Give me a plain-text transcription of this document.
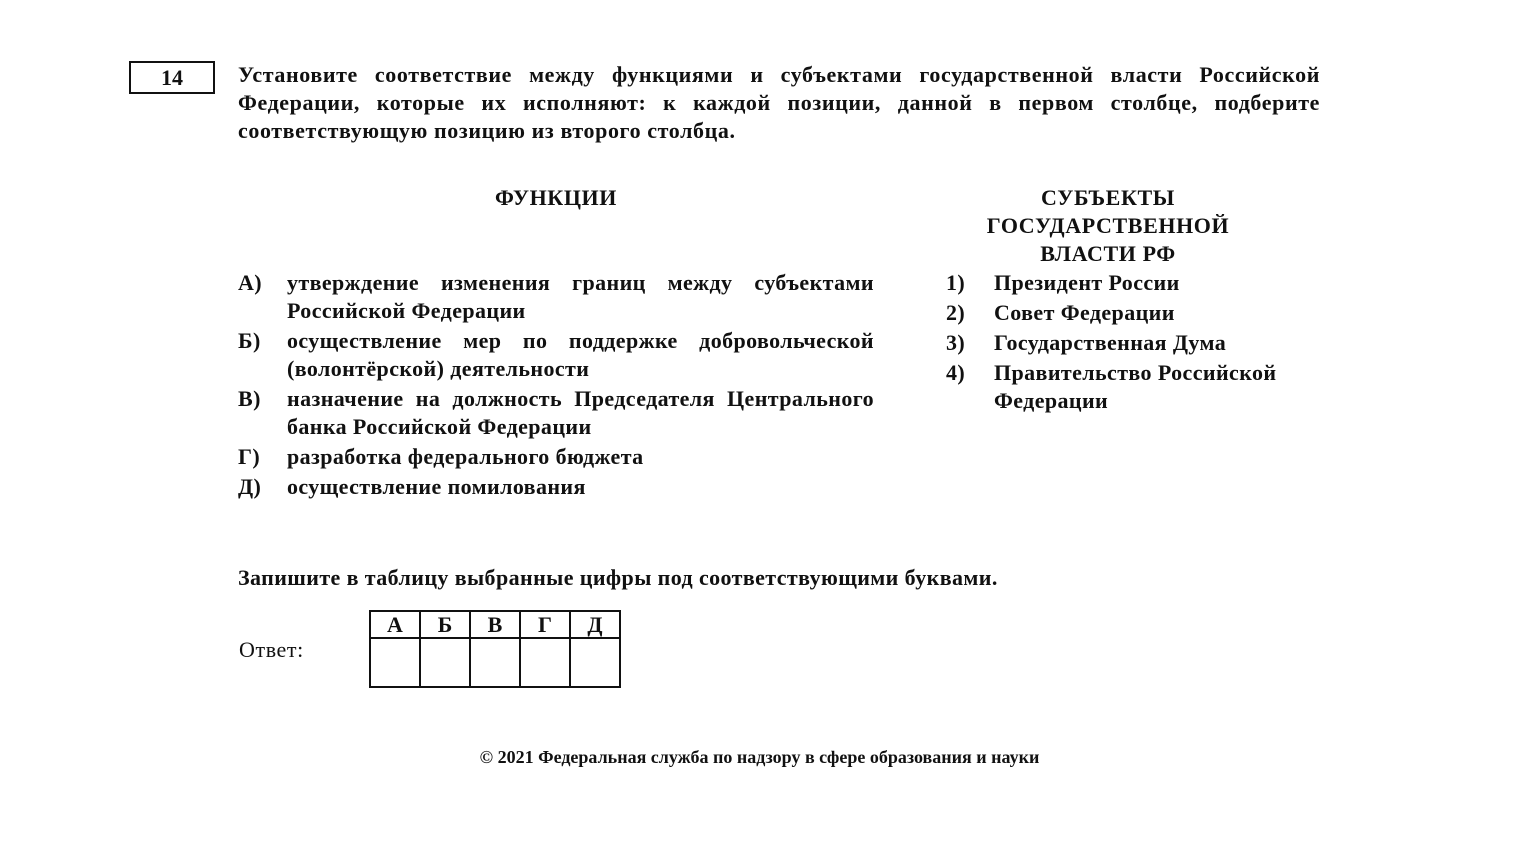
14	Установите соответствие между функциями и субъектами государственной власти Российской Федерации, которые их исполняют: к каждой позиции, данной в первом столбце, подберите соответствующую позицию из второго столбца.
ФУНКЦИИ	СУБЪЕКТЫ ГОСУДАРСТВЕННОЙ ВЛАСТИ РФ
А)	утверждение изменения границ между субъектами Российской Федерации
Б)	осуществление мер по поддержке добровольческой (волонтёрской) деятельности
В)	назначение на должность Председателя Центрального банка Российской Федерации
Г)	разработка федерального бюджета
Д)	осуществление помилования
1)	Президент России
2)	Совет Федерации
3)	Государственная Дума
4)	Правительство Российской Федерации
Запишите в таблицу выбранные цифры под соответствующими буквами.
Ответ:
А	Б	В	Г	Д

© 2021 Федеральная служба по надзору в сфере образования и науки
